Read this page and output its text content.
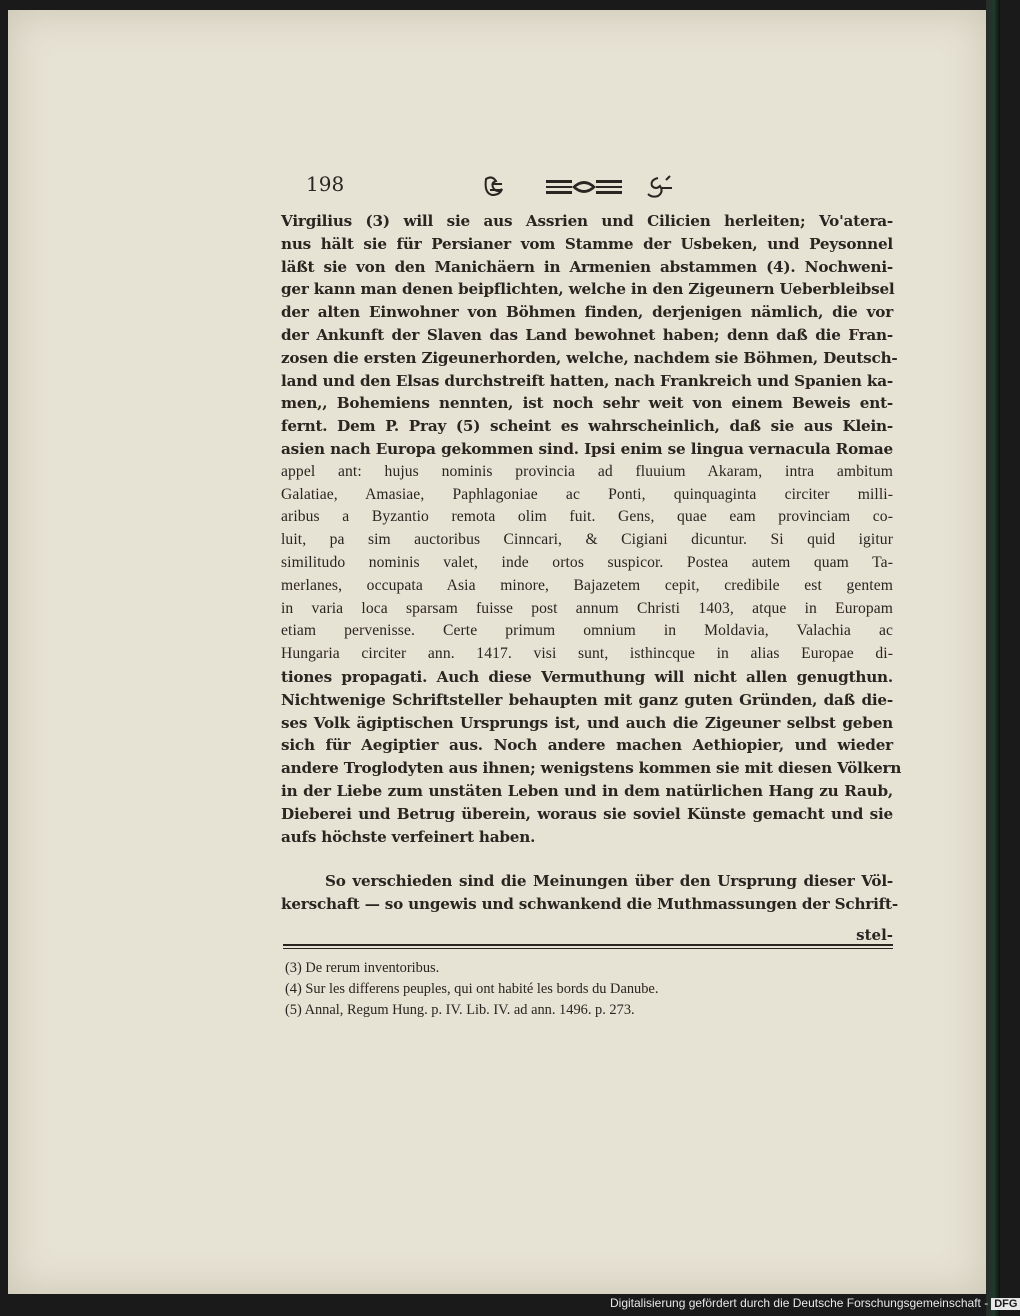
198
Virgilius (3) will sie aus Assrien und Cilicien herleiten; Vo'atera-
nus hält sie für Persianer vom Stamme der Usbeken, und Peysonnel
läßt sie von den Manichäern in Armenien abstammen (4). Nochweni-
ger kann man denen beipflichten, welche in den Zigeunern Ueberbleibsel
der alten Einwohner von Böhmen finden, derjenigen nämlich, die vor
der Ankunft der Slaven das Land bewohnet haben; denn daß die Fran-
zosen die ersten Zigeunerhorden, welche, nachdem sie Böhmen, Deutsch-
land und den Elsas durchstreift hatten, nach Frankreich und Spanien ka-
men,, Bohemiens nennten, ist noch sehr weit von einem Beweis ent-
fernt. Dem P. Pray (5) scheint es wahrscheinlich, daß sie aus Klein-
asien nach Europa gekommen sind. Ipsi enim se lingua vernacula Romae
appel ant: hujus nominis provincia ad fluuium Akaram, intra ambitum
Galatiae, Amasiae, Paphlagoniae ac Ponti, quinquaginta circiter milli-
aribus a Byzantio remota olim fuit. Gens, quae eam provinciam co-
luit, pa sim auctoribus Cinncari, & Cigiani dicuntur. Si quid igitur
similitudo nominis valet, inde ortos suspicor. Postea autem quam Ta-
merlanes, occupata Asia minore, Bajazetem cepit, credibile est gentem
in varia loca sparsam fuisse post annum Christi 1403, atque in Europam
etiam pervenisse. Certe primum omnium in Moldavia, Valachia ac
Hungaria circiter ann. 1417. visi sunt, isthincque in alias Europae di-
tiones propagati. Auch diese Vermuthung will nicht allen genugthun.
Nichtwenige Schriftsteller behaupten mit ganz guten Gründen, daß die-
ses Volk ägiptischen Ursprungs ist, und auch die Zigeuner selbst geben
sich für Aegiptier aus. Noch andere machen Aethiopier, und wieder
andere Troglodyten aus ihnen; wenigstens kommen sie mit diesen Völkern
in der Liebe zum unstäten Leben und in dem natürlichen Hang zu Raub,
Dieberei und Betrug überein, woraus sie soviel Künste gemacht und sie
aufs höchste verfeinert haben.
So verschieden sind die Meinungen über den Ursprung dieser Völ-
kerschaft — so ungewis und schwankend die Muthmassungen der Schrift-
stel-
(3) De rerum inventoribus.
(4) Sur les differens peuples, qui ont habité les bords du Danube.
(5) Annal, Regum Hung. p. IV. Lib. IV. ad ann. 1496. p. 273.
Digitalisierung gefördert durch die Deutsche Forschungsgemeinschaft - DFG
